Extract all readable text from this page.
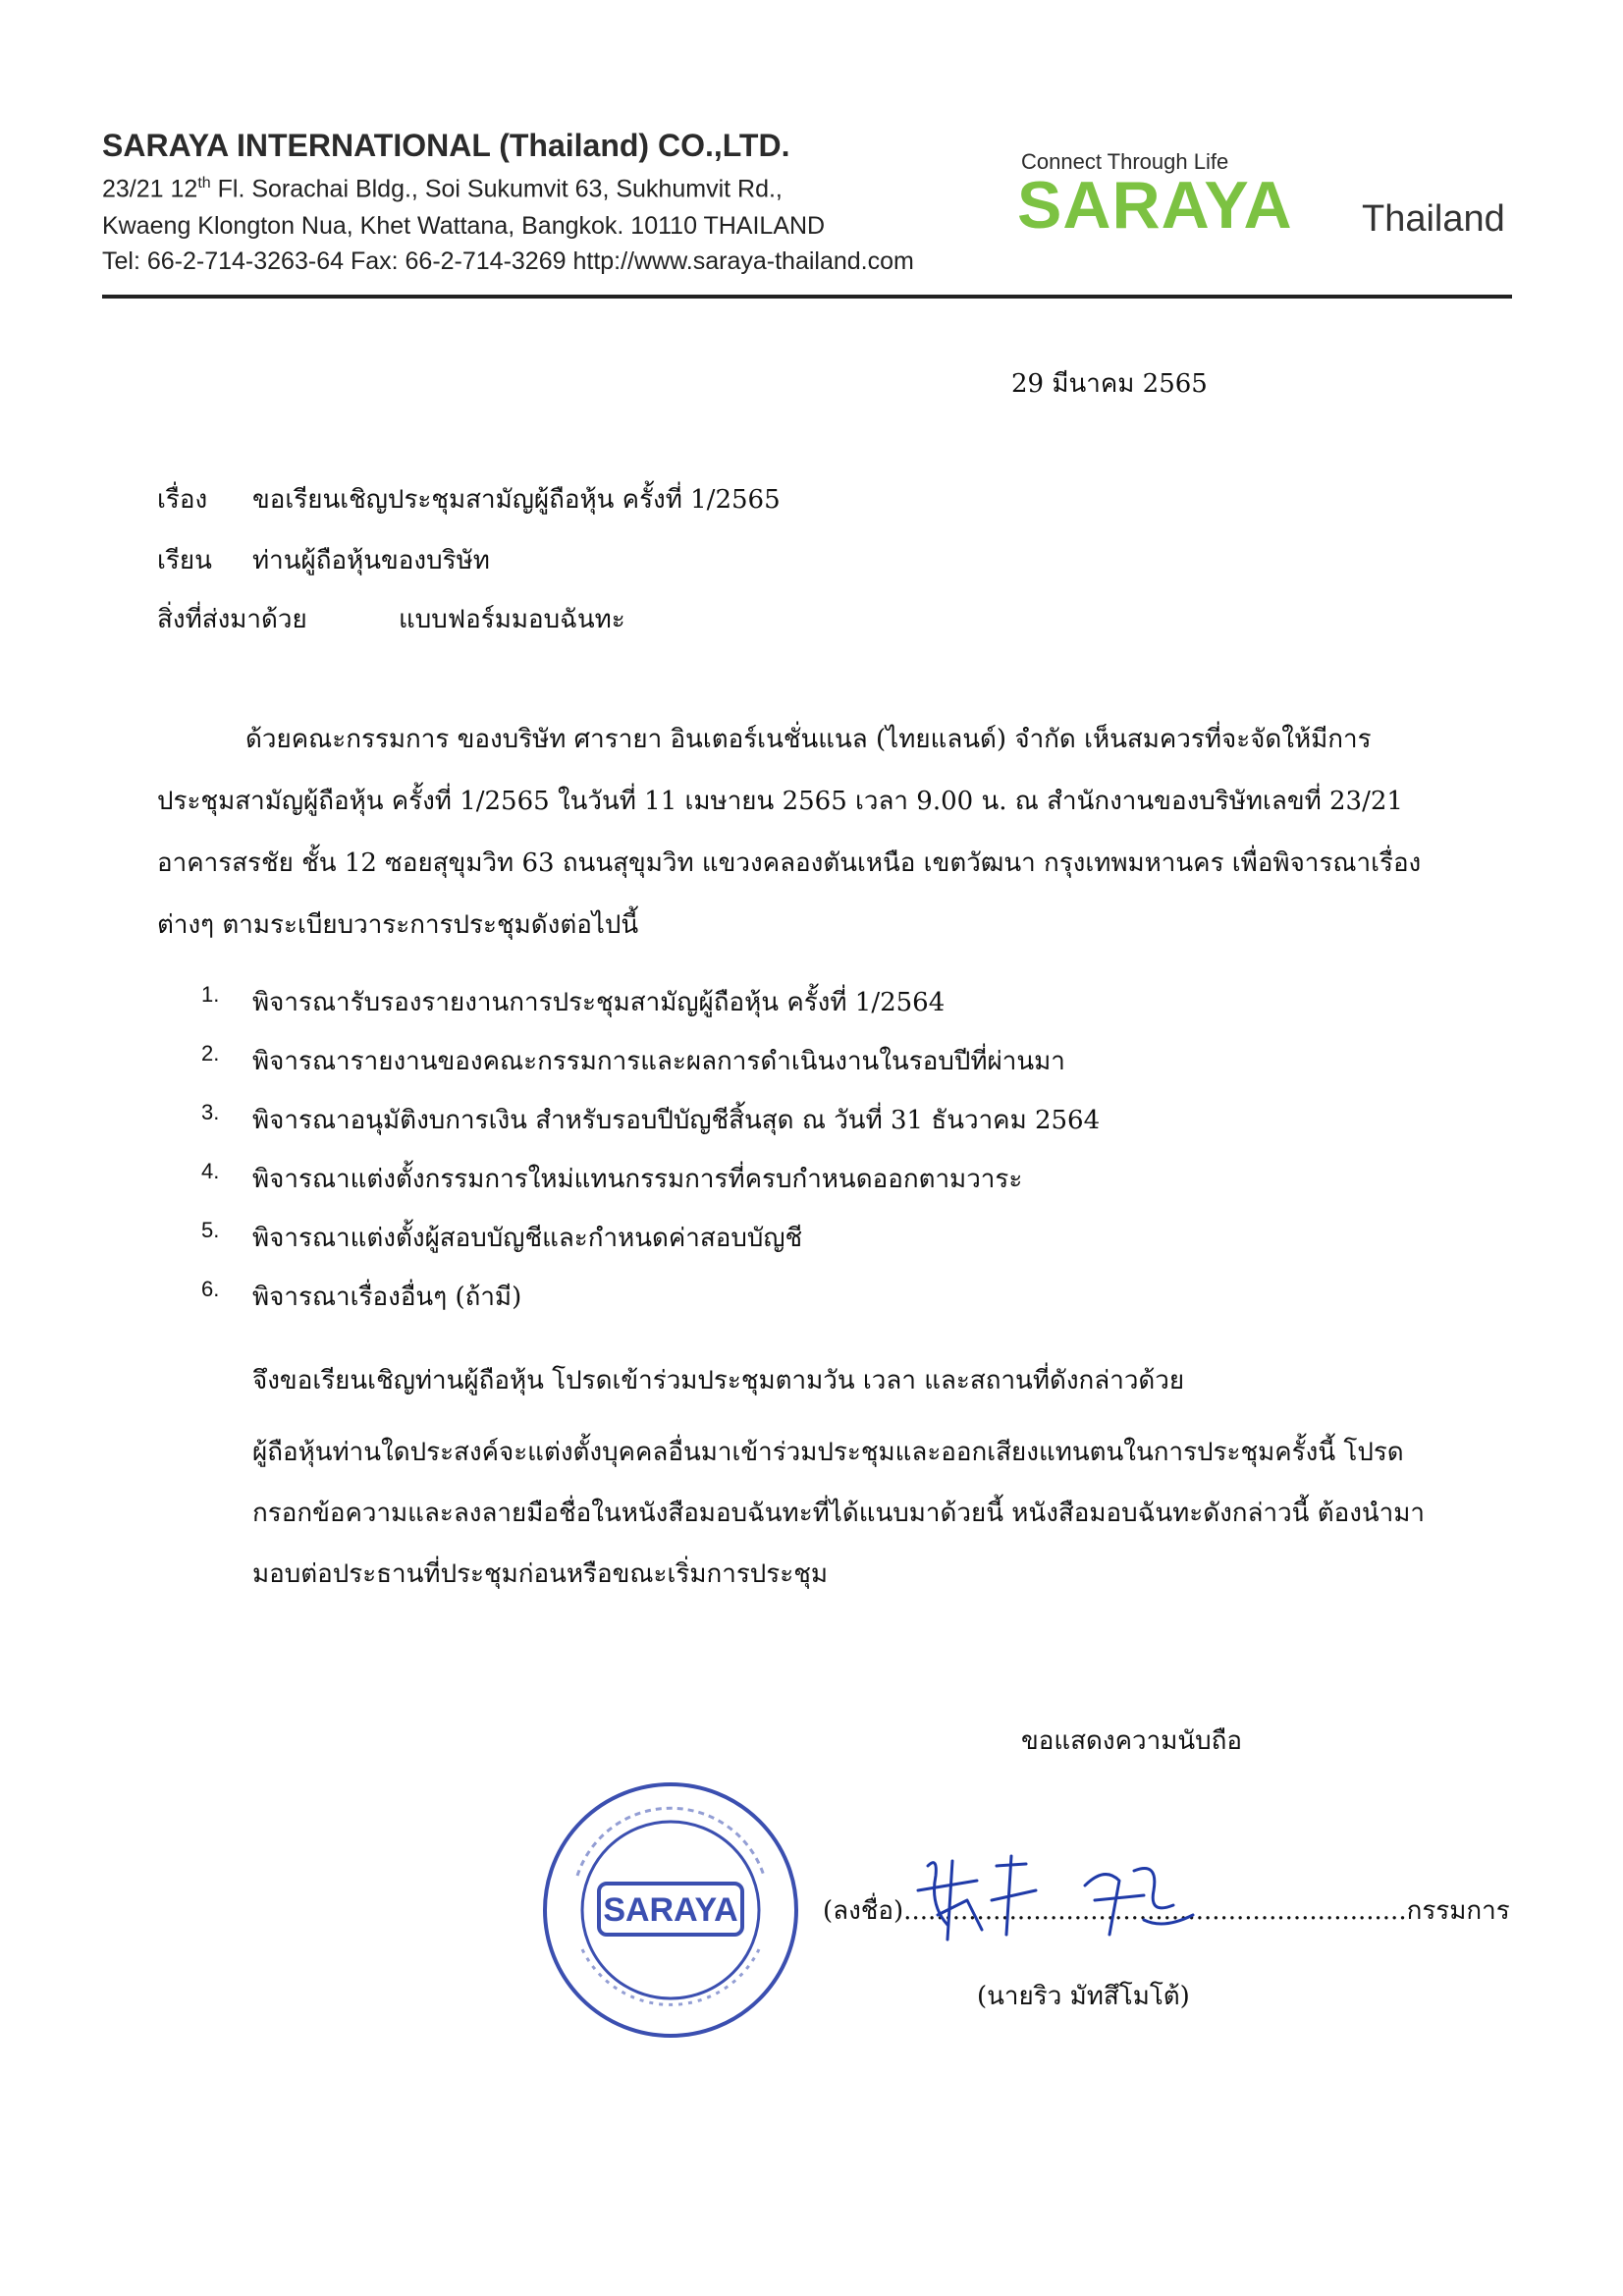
SARAYA INTERNATIONAL (Thailand) CO.,LTD.
23/21 12th Fl. Sorachai Bldg., Soi Sukumvit 63, Sukhumvit Rd.,
Kwaeng Klongton Nua, Khet Wattana, Bangkok. 10110 THAILAND
Tel: 66-2-714-3263-64 Fax: 66-2-714-3269 http://www.saraya-thailand.com
Connect Through Life
SARAYA Thailand
29 มีนาคม 2565
เรื่อง ขอเรียนเชิญประชุมสามัญผู้ถือหุ้น ครั้งที่ 1/2565
เรียน ท่านผู้ถือหุ้นของบริษัท
สิ่งที่ส่งมาด้วย	แบบฟอร์มมอบฉันทะ
ด้วยคณะกรรมการ ของบริษัท ศารายา อินเตอร์เนชั่นแนล (ไทยแลนด์) จำกัด เห็นสมควรที่จะจัดให้มีการประชุมสามัญผู้ถือหุ้น ครั้งที่ 1/2565 ในวันที่ 11 เมษายน 2565 เวลา 9.00 น. ณ สำนักงานของบริษัทเลขที่ 23/21 อาคารสรชัย ชั้น 12 ซอยสุขุมวิท 63 ถนนสุขุมวิท แขวงคลองตันเหนือ เขตวัฒนา กรุงเทพมหานคร เพื่อพิจารณาเรื่องต่างๆ ตามระเบียบวาระการประชุมดังต่อไปนี้
1. พิจารณารับรองรายงานการประชุมสามัญผู้ถือหุ้น ครั้งที่ 1/2564
2. พิจารณารายงานของคณะกรรมการและผลการดำเนินงานในรอบปีที่ผ่านมา
3. พิจารณาอนุมัติงบการเงิน สำหรับรอบปีบัญชีสิ้นสุด ณ วันที่ 31 ธันวาคม 2564
4. พิจารณาแต่งตั้งกรรมการใหม่แทนกรรมการที่ครบกำหนดออกตามวาระ
5. พิจารณาแต่งตั้งผู้สอบบัญชีและกำหนดค่าสอบบัญชี
6. พิจารณาเรื่องอื่นๆ (ถ้ามี)
จึงขอเรียนเชิญท่านผู้ถือหุ้น โปรดเข้าร่วมประชุมตามวัน เวลา และสถานที่ดังกล่าวด้วย
ผู้ถือหุ้นท่านใดประสงค์จะแต่งตั้งบุคคลอื่นมาเข้าร่วมประชุมและออกเสียงแทนตนในการประชุมครั้งนี้ โปรดกรอกข้อความและลงลายมือชื่อในหนังสือมอบฉันทะที่ได้แนบมาด้วยนี้ หนังสือมอบฉันทะดังกล่าวนี้ ต้องนำมามอบต่อประธานที่ประชุมก่อนหรือขณะเริ่มการประชุม
ขอแสดงความนับถือ
SARAYA	(ลงชื่อ)..............................................................กรรมการ
(นายริว มัทสึโมโต้)
